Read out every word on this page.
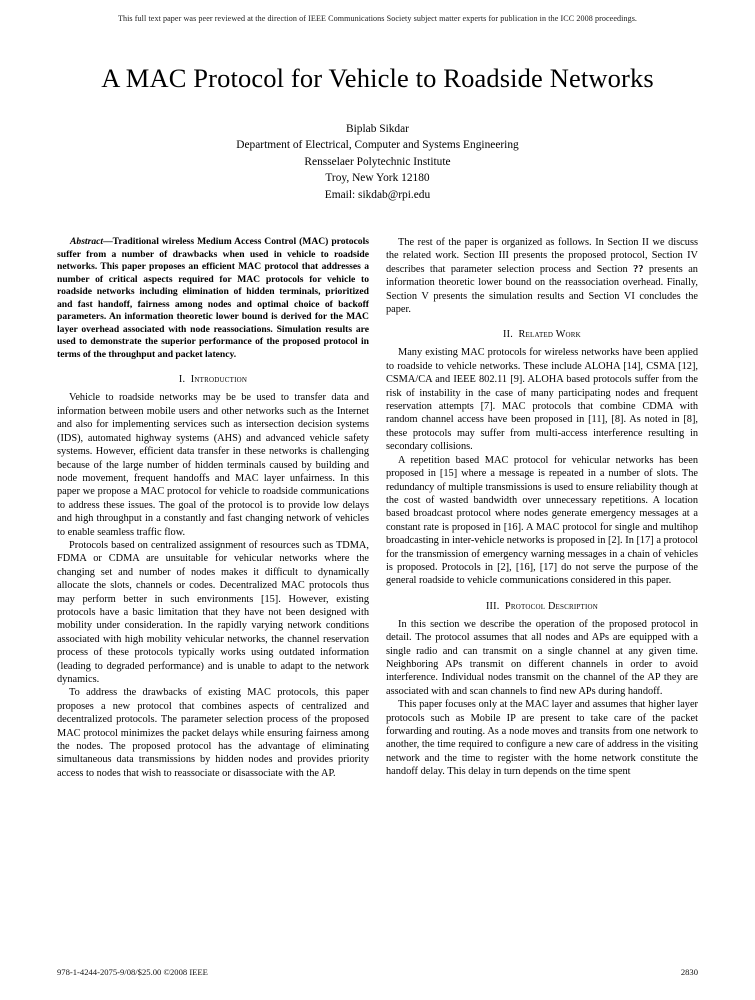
This full text paper was peer reviewed at the direction of IEEE Communications Society subject matter experts for publication in the ICC 2008 proceedings.
A MAC Protocol for Vehicle to Roadside Networks
Biplab Sikdar
Department of Electrical, Computer and Systems Engineering
Rensselaer Polytechnic Institute
Troy, New York 12180
Email: sikdab@rpi.edu

Abstract—Traditional wireless Medium Access Control (MAC) protocols suffer from a number of drawbacks when used in vehicle to roadside networks. This paper proposes an efficient MAC protocol that addresses a number of critical aspects required for MAC protocols for vehicle to roadside networks including elimination of hidden terminals, prioritized and fast handoff, fairness among nodes and optimal choice of backoff parameters. An information theoretic lower bound is derived for the MAC layer overhead associated with node reassociations. Simulation results are used to demonstrate the superior performance of the proposed protocol in terms of the throughput and packet latency.

I. Introduction

Vehicle to roadside networks may be be used to transfer data and information between mobile users and other networks such as the Internet and also for implementing services such as intersection decision systems (IDS), automated highway systems (AHS) and advanced vehicle safety systems. However, efficient data transfer in these networks is challenging because of the large number of hidden terminals caused by building and node movement, frequent handoffs and MAC layer unfairness. In this paper we propose a MAC protocol for vehicle to roadside communications to address these issues. The goal of the protocol is to provide low delays and high throughput in a constantly and fast changing network of vehicles to enable seamless traffic flow.

Protocols based on centralized assignment of resources such as TDMA, FDMA or CDMA are unsuitable for vehicular networks where the changing set and number of nodes makes it difficult to dynamically allocate the slots, channels or codes. Decentralized MAC protocols thus may perform better in such environments [15]. However, existing protocols have a basic limitation that they have not been designed with mobility under consideration. In the rapidly varying network conditions associated with high mobility vehicular networks, the channel reservation process of these protocols typically works using outdated information (leading to degraded performance) and is unable to adapt to the network dynamics.

To address the drawbacks of existing MAC protocols, this paper proposes a new protocol that combines aspects of centralized and decentralized protocols. The parameter selection process of the proposed MAC protocol minimizes the packet delays while ensuring fairness among the nodes. The proposed protocol has the advantage of eliminating simultaneous data transmissions by hidden nodes and provides priority access to nodes that wish to reassociate or disassociate with the AP.

The rest of the paper is organized as follows. In Section II we discuss the related work. Section III presents the proposed protocol, Section IV describes that parameter selection process and Section ?? presents an information theoretic lower bound on the reassociation overhead. Finally, Section V presents the simulation results and Section VI concludes the paper.

II. Related Work

Many existing MAC protocols for wireless networks have been applied to roadside to vehicle networks. These include ALOHA [14], CSMA [12], CSMA/CA and IEEE 802.11 [9]. ALOHA based protocols suffer from the risk of instability in the case of many participating nodes and frequent reservation attempts [7]. MAC protocols that combine CDMA with random channel access have been proposed in [11], [8]. As noted in [8], these protocols may suffer from multi-access interference resulting in secondary collisions.

A repetition based MAC protocol for vehicular networks has been proposed in [15] where a message is repeated in a number of slots. The redundancy of multiple transmissions is used to ensure reliability though at the cost of wasted bandwidth over unnecessary repetitions. A location based broadcast protocol where nodes generate emergency messages at a constant rate is proposed in [16]. A MAC protocol for single and multihop broadcasting in inter-vehicle networks is proposed in [2]. In [17] a protocol for the transmission of emergency warning messages in a chain of vehicles is proposed. Protocols in [2], [16], [17] do not serve the purpose of the general roadside to vehicle communications considered in this paper.

III. Protocol Description

In this section we describe the operation of the proposed protocol in detail. The protocol assumes that all nodes and APs are equipped with a single radio and can transmit on a single channel at any given time. Neighboring APs transmit on different channels in order to avoid interference. Individual nodes transmit on the channel of the AP they are associated with and scan channels to find new APs during handoff.

This paper focuses only at the MAC layer and assumes that higher layer protocols such as Mobile IP are present to take care of the packet forwarding and routing. As a node moves and transits from one network to another, the time required to configure a new care of address in the visiting network and the time to register with the home network constitute the handoff delay. This delay in turn depends on the time spent

978-1-4244-2075-9/08/$25.00 ©2008 IEEE	2830
